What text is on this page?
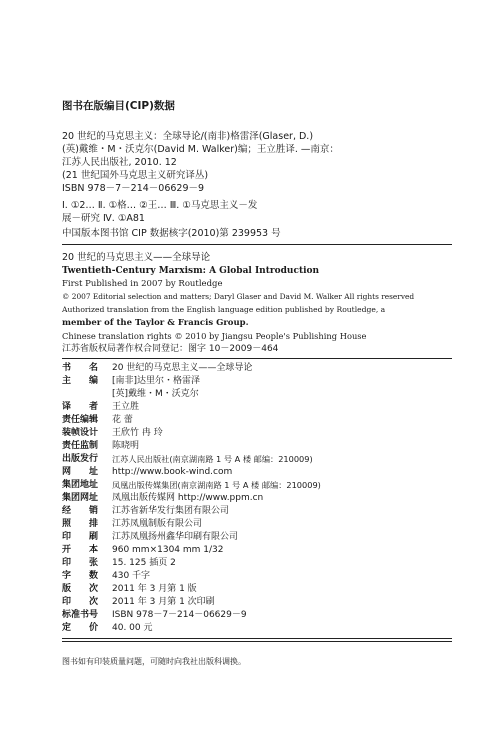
图书在版编目(CIP)数据
20 世纪的马克思主义：全球导论/(南非)格雷泽(Glaser, D.)
(英)戴维・M・沃克尔(David M. Walker)编；王立胜译. —南京：
江苏人民出版社, 2010. 12
(21 世纪国外马克思主义研究译丛)
ISBN 978－7－214－06629－9
Ⅰ. ①2… Ⅱ. ①格… ②王… Ⅲ. ①马克思主义－发
展－研究 Ⅳ. ①A81
中国版本图书馆 CIP 数据核字(2010)第 239953 号
20 世纪的马克思主义——全球导论
Twentieth-Century Marxism: A Global Introduction
First Published in 2007 by Routledge
© 2007 Editorial selection and matters; Daryl Glaser and David M. Walker All rights reserved
Authorized translation from the English language edition published by Routledge, a
member of the Taylor & Francis Group.
Chinese translation rights © 2010 by Jiangsu People's Publishing House
江苏省版权局著作权合同登记：图字 10－2009－464
书名 20 世纪的马克思主义——全球导论
主编 [南非]达里尔・格雷泽
[英]戴维・M・沃克尔
译者 王立胜
责任编辑 花 蕾
装帧设计 王欣竹 冉 玲
责任监制 陈晓明
出版发行 江苏人民出版社(南京湖南路 1 号 A 楼 邮编：210009)
网址 http://www.book-wind.com
集团地址 凤凰出版传媒集团(南京湖南路 1 号 A 楼 邮编：210009)
集团网址 凤凰出版传媒网 http://www.ppm.cn
经销 江苏省新华发行集团有限公司
照排 江苏凤凰制版有限公司
印刷 江苏凤凰扬州鑫华印刷有限公司
开本 960 mm×1304 mm 1/32
印张 15. 125 插页 2
字数 430 千字
版次 2011 年 3 月第 1 版
印次 2011 年 3 月第 1 次印刷
标准书号 ISBN 978－7－214－06629－9
定价 40. 00 元
图书如有印装质量问题，可随时向我社出版科调换。
